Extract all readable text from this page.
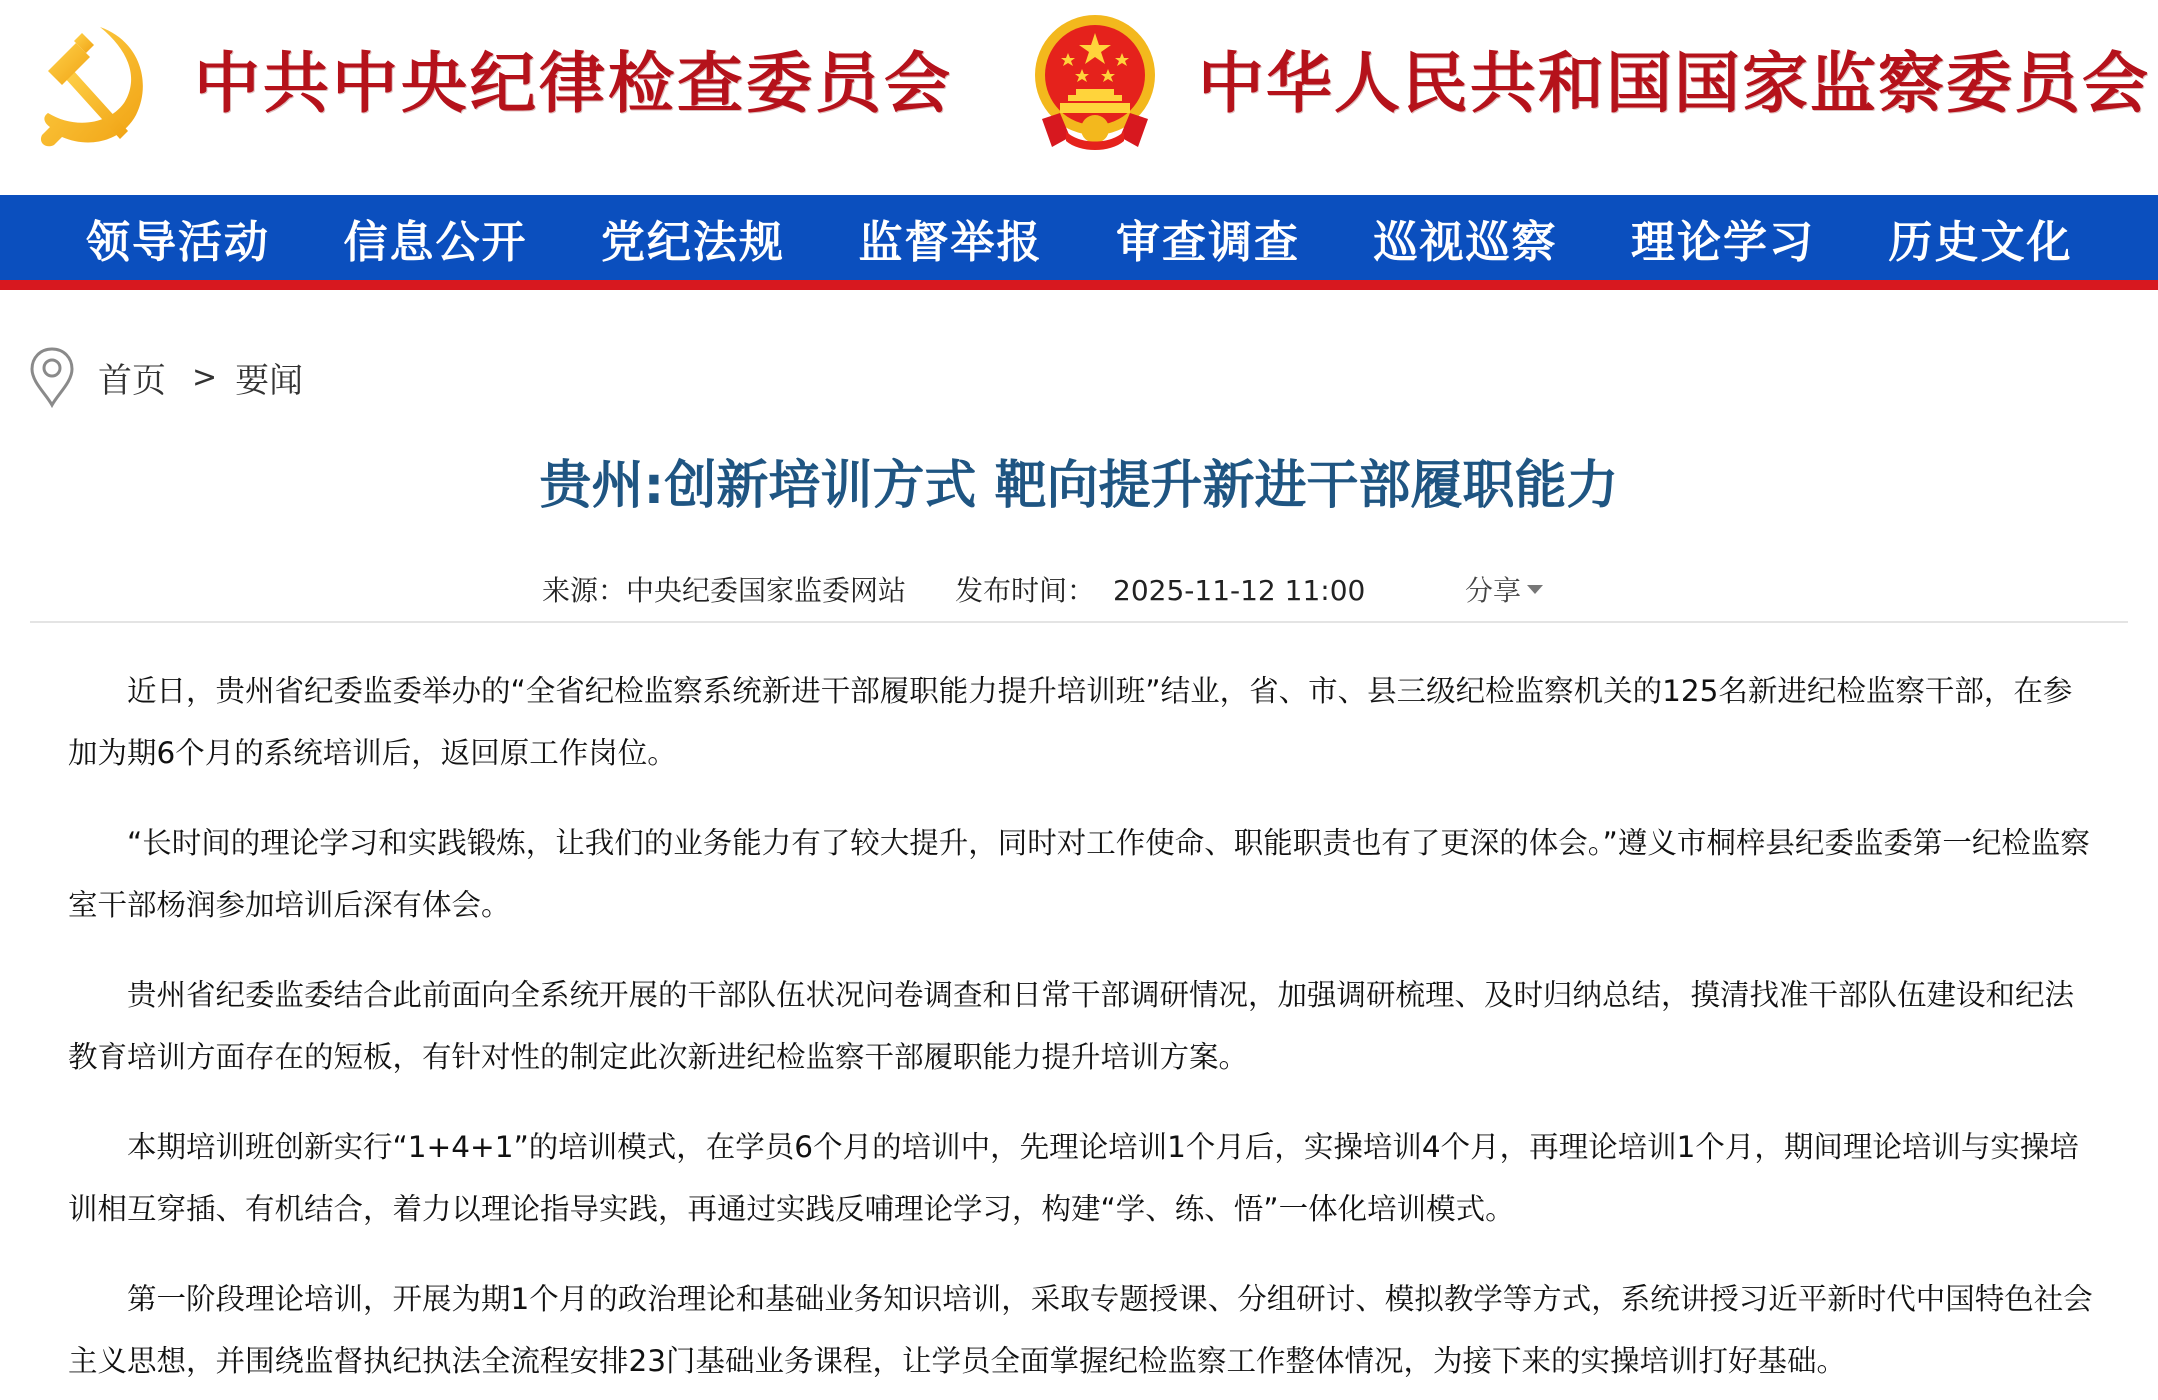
中共中央纪律检查委员会	中华人民共和国国家监察委员会
领导活动	信息公开	党纪法规	监督举报	审查调查	巡视巡察	理论学习	历史文化
首页 > 要闻
贵州:创新培训方式 靶向提升新进干部履职能力
来源：中央纪委国家监委网站 发布时间： 2025-11-12 11:00	分享

近日，贵州省纪委监委举办的“全省纪检监察系统新进干部履职能力提升培训班”结业，省、市、县三级纪检监察机关的125名新进纪检监察干部，在参加为期6个月的系统培训后，返回原工作岗位。

“长时间的理论学习和实践锻炼，让我们的业务能力有了较大提升，同时对工作使命、职能职责也有了更深的体会。”遵义市桐梓县纪委监委第一纪检监察室干部杨润参加培训后深有体会。

贵州省纪委监委结合此前面向全系统开展的干部队伍状况问卷调查和日常干部调研情况，加强调研梳理、及时归纳总结，摸清找准干部队伍建设和纪法教育培训方面存在的短板，有针对性的制定此次新进纪检监察干部履职能力提升培训方案。

本期培训班创新实行“1+4+1”的培训模式，在学员6个月的培训中，先理论培训1个月后，实操培训4个月，再理论培训1个月，期间理论培训与实操培训相互穿插、有机结合，着力以理论指导实践，再通过实践反哺理论学习，构建“学、练、悟”一体化培训模式。

第一阶段理论培训，开展为期1个月的政治理论和基础业务知识培训，采取专题授课、分组研讨、模拟教学等方式，系统讲授习近平新时代中国特色社会主义思想，并围绕监督执纪执法全流程安排23门基础业务课程，让学员全面掌握纪检监察工作整体情况，为接下来的实操培训打好基础。
